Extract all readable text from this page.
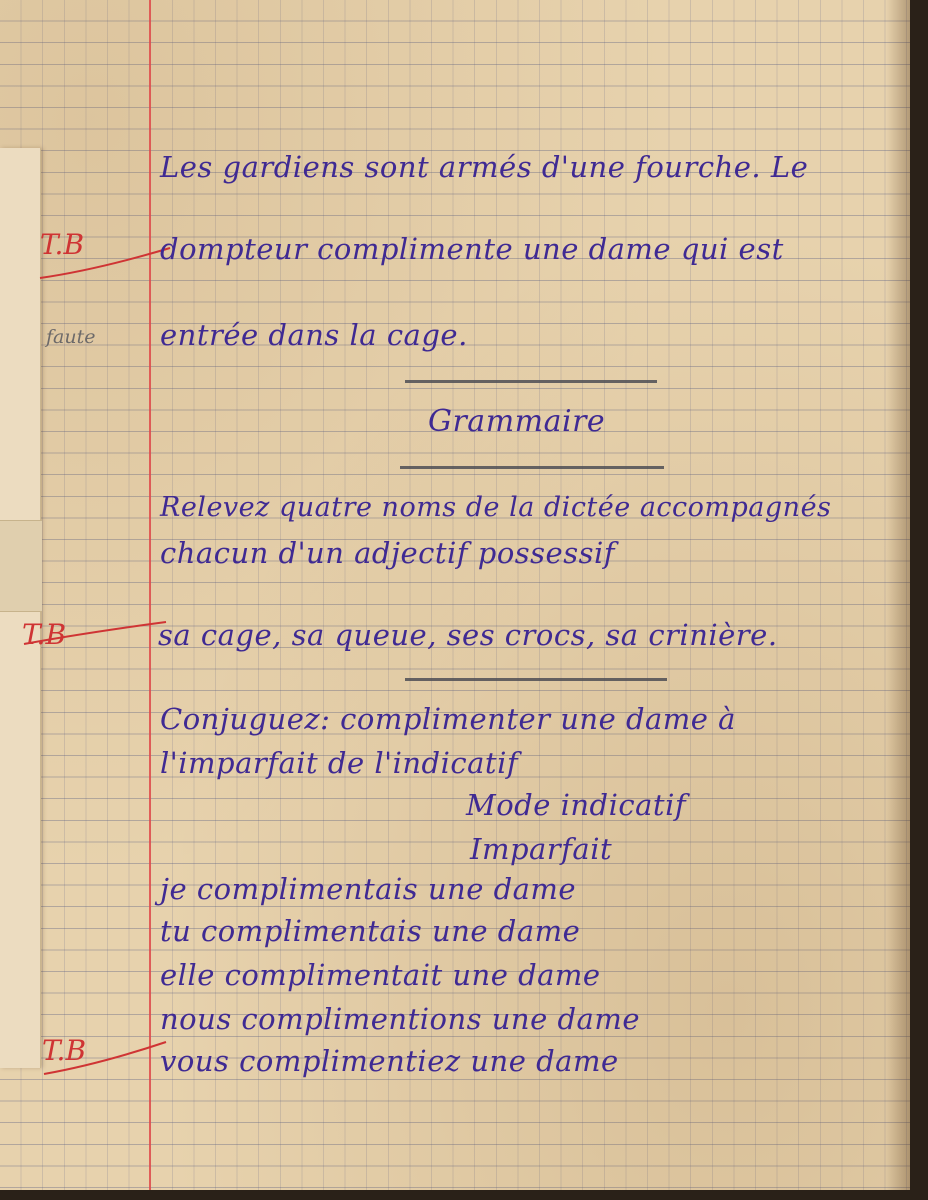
T.B
faute
T.B
T.B
Les gardiens sont armés d'une fourche. Le
dompteur complimente une dame qui est
entrée dans la cage.
Grammaire
Relevez quatre noms de la dictée accompagnés
chacun d'un adjectif possessif
sa cage, sa queue, ses crocs, sa crinière.
Conjuguez: complimenter une dame à
l'imparfait de l'indicatif
Mode indicatif
Imparfait
je complimentais une dame
tu complimentais une dame
elle complimentait une dame
nous complimentions une dame
vous complimentiez une dame
